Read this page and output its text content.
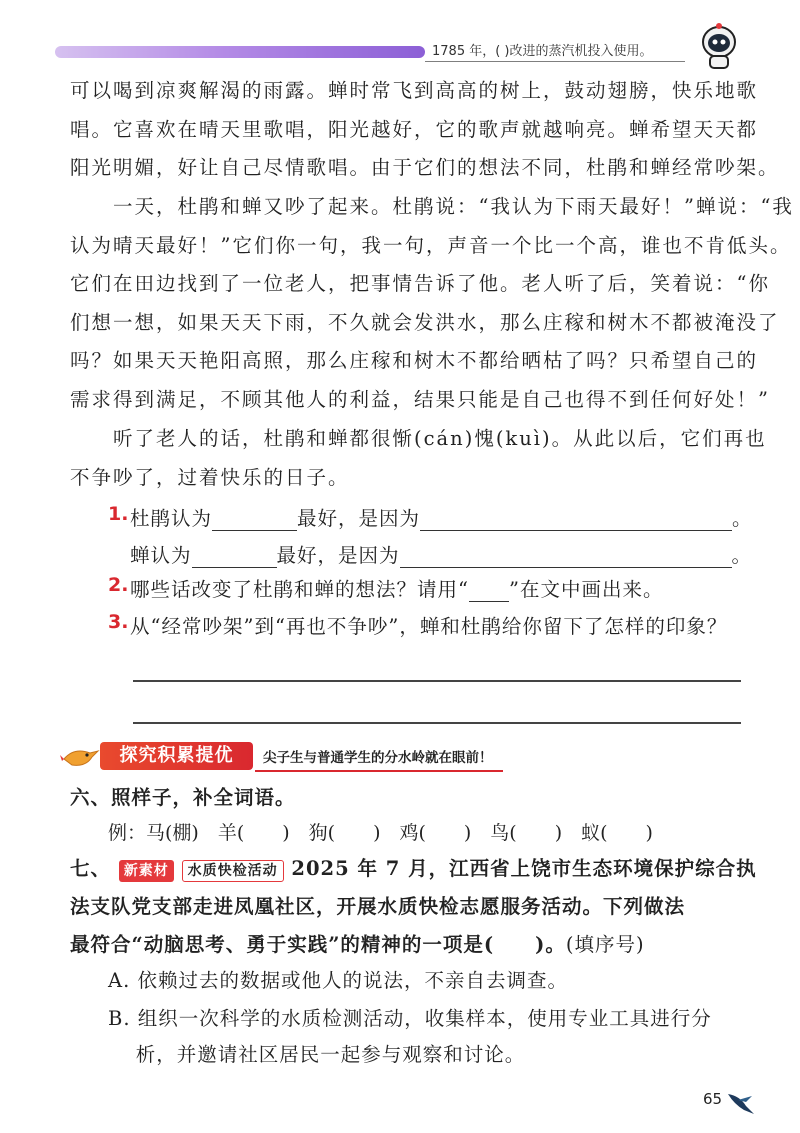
1785 年，( )改进的蒸汽机投入使用。
可以喝到凉爽解渴的雨露。蝉时常飞到高高的树上，鼓动翅膀，快乐地歌
唱。它喜欢在晴天里歌唱，阳光越好，它的歌声就越响亮。蝉希望天天都
阳光明媚，好让自己尽情歌唱。由于它们的想法不同，杜鹃和蝉经常吵架。
　　一天，杜鹃和蝉又吵了起来。杜鹃说：“我认为下雨天最好！”蝉说：“我
认为晴天最好！”它们你一句，我一句，声音一个比一个高，谁也不肯低头。
它们在田边找到了一位老人，把事情告诉了他。老人听了后，笑着说：“你
们想一想，如果天天下雨，不久就会发洪水，那么庄稼和树木不都被淹没了
吗？如果天天艳阳高照，那么庄稼和树木不都给晒枯了吗？只希望自己的
需求得到满足，不顾其他人的利益，结果只能是自己也得不到任何好处！”
　　听了老人的话，杜鹃和蝉都很惭(cán)愧(kuì)。从此以后，它们再也
不争吵了，过着快乐的日子。
1. 杜鹃认为	最好，是因为	。
蝉认为	最好，是因为	。
2. 哪些话改变了杜鹃和蝉的想法？请用“ ”在文中画出来。
3. 从“经常吵架”到“再也不争吵”，蝉和杜鹃给你留下了怎样的印象？
探究积累提优	尖子生与普通学生的分水岭就在眼前！
六、照样子，补全词语。
例：马(棚)　羊(　　)　狗(　　)　鸡(　　)　鸟(　　)　蚁(　　)
七、 新素材 水质快检活动 2025 年 7 月，江西省上饶市生态环境保护综合执
法支队党支部走进凤凰社区，开展水质快检志愿服务活动。下列做法
最符合“动脑思考、勇于实践”的精神的一项是(　　)。(填序号)
A. 依赖过去的数据或他人的说法，不亲自去调查。
B. 组织一次科学的水质检测活动，收集样本，使用专业工具进行分
　 析，并邀请社区居民一起参与观察和讨论。
65
